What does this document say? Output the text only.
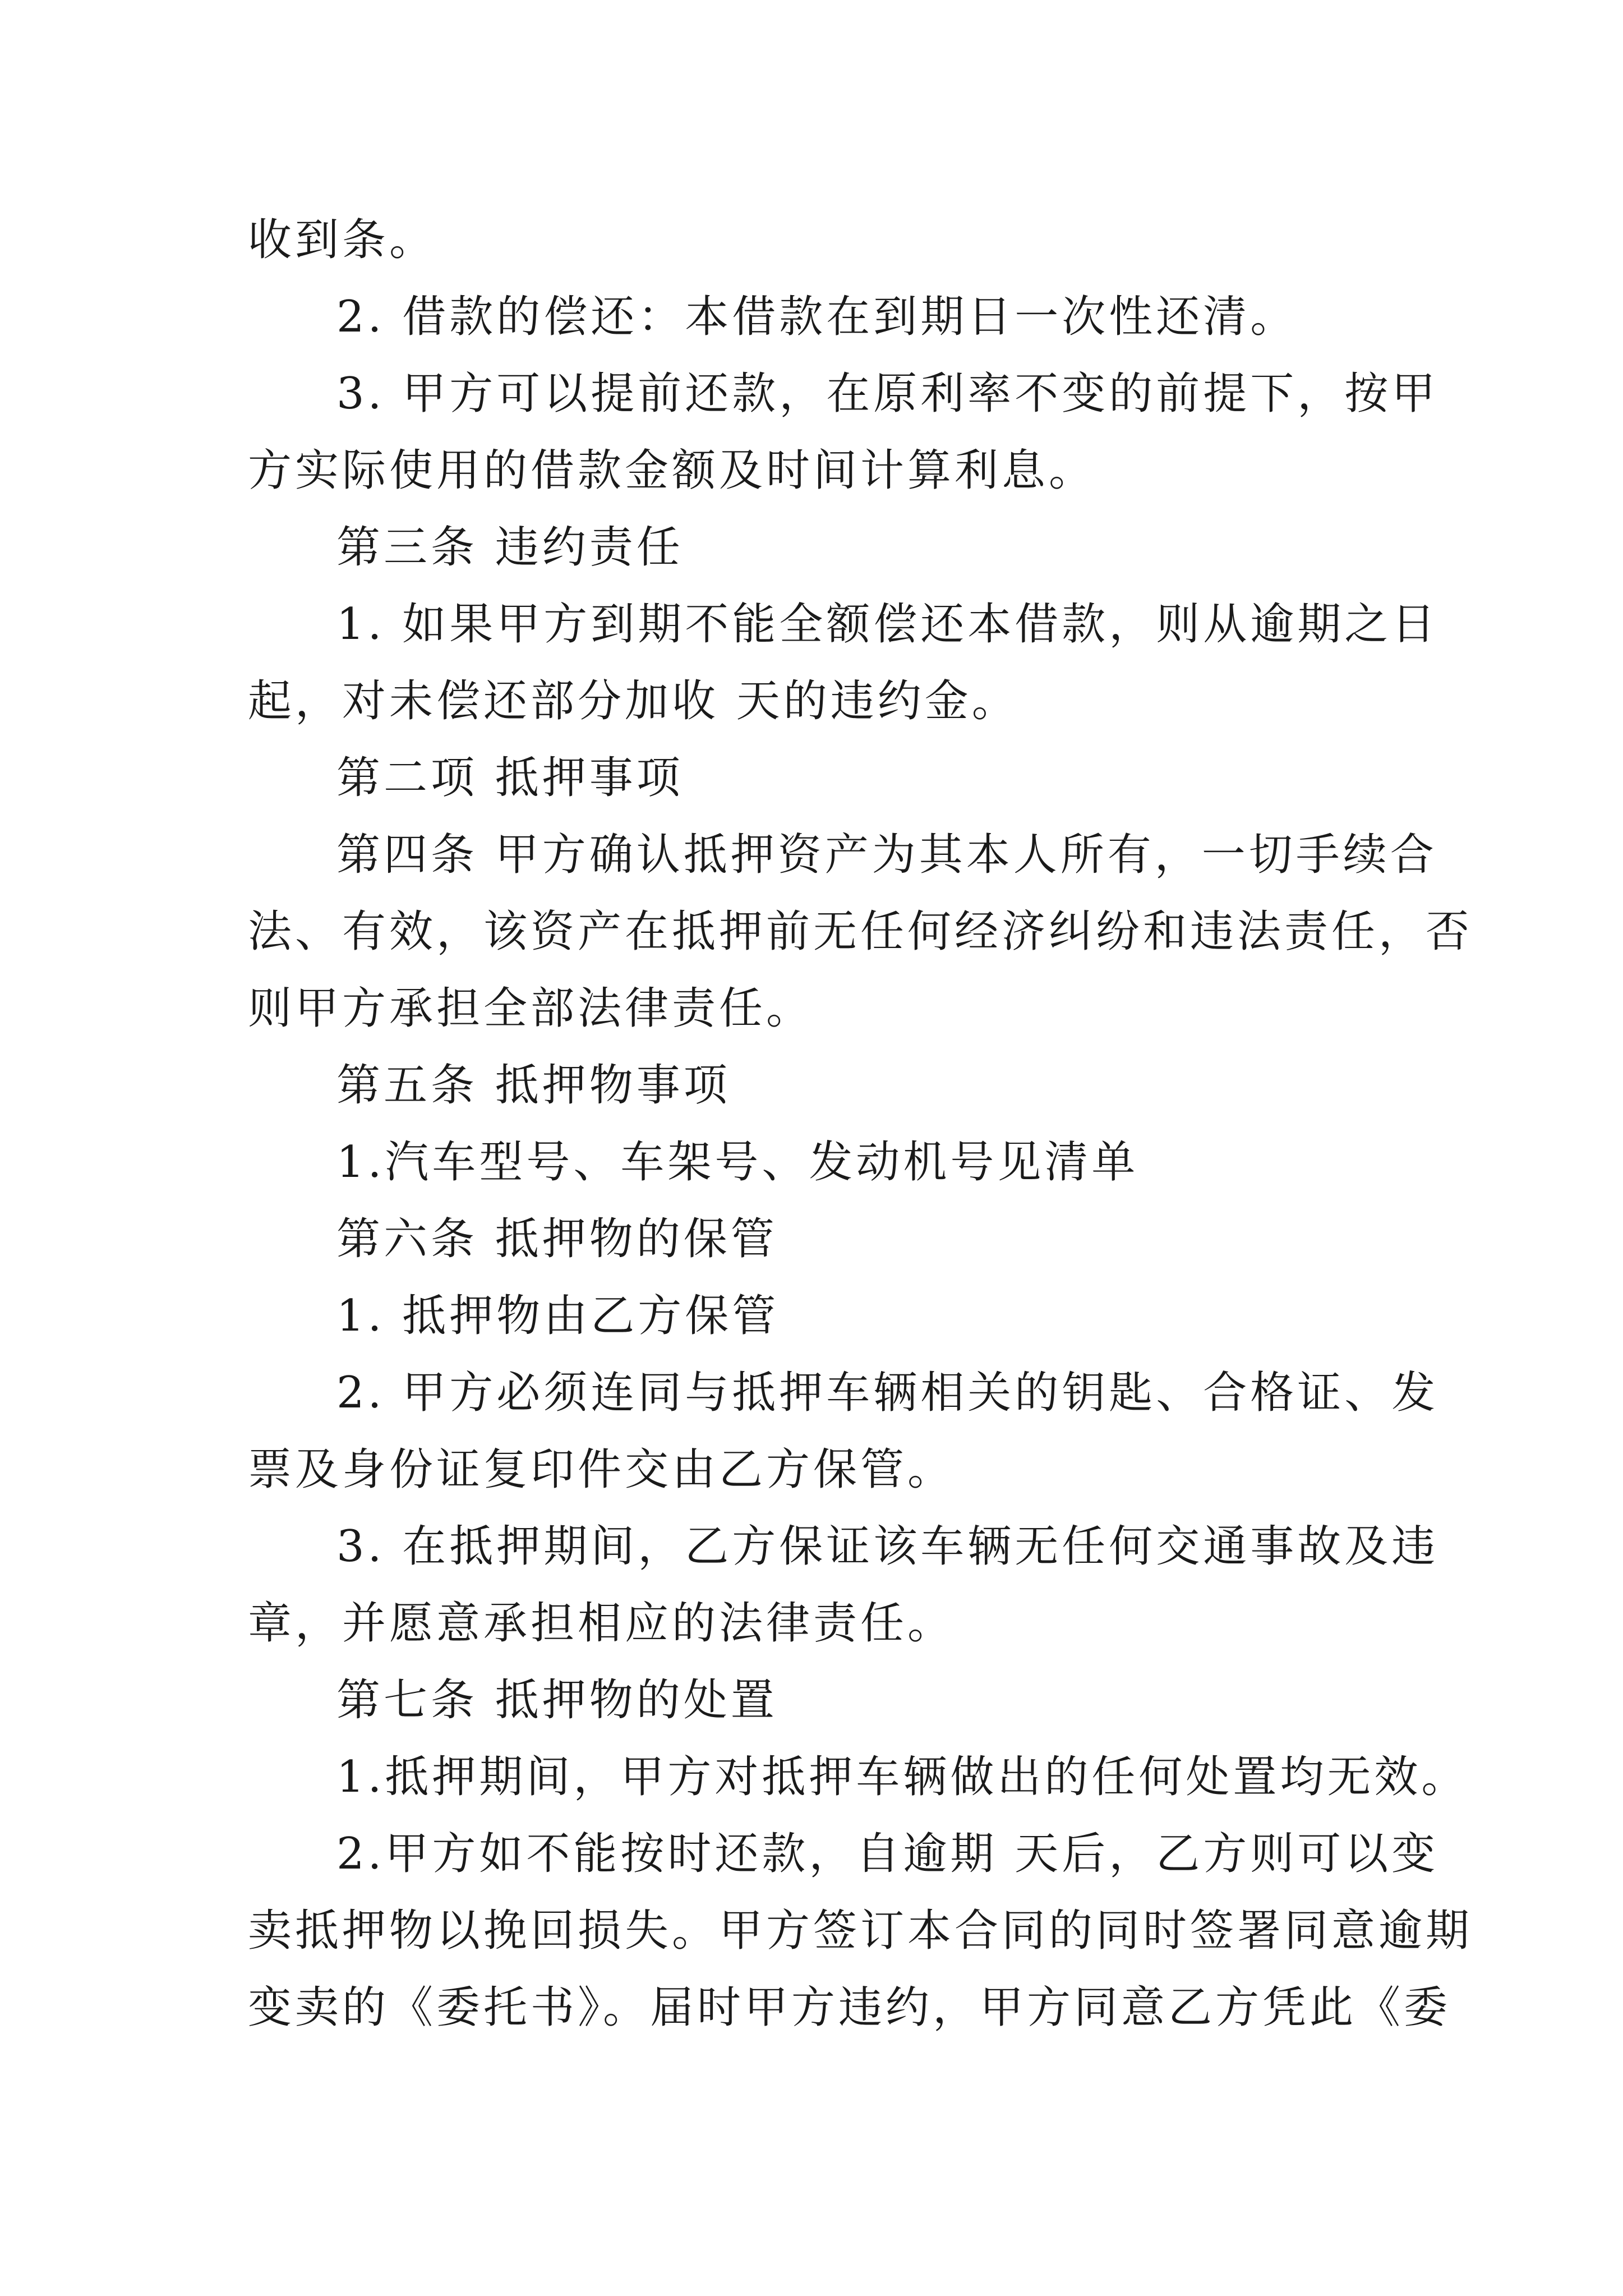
收到条。
2. 借款的偿还：本借款在到期日一次性还清。
3. 甲方可以提前还款，在原利率不变的前提下，按甲
方实际使用的借款金额及时间计算利息。
第三条 违约责任
1. 如果甲方到期不能全额偿还本借款，则从逾期之日
起，对未偿还部分加收 天的违约金。
第二项 抵押事项
第四条 甲方确认抵押资产为其本人所有，一切手续合
法、有效，该资产在抵押前无任何经济纠纷和违法责任，否
则甲方承担全部法律责任。
第五条 抵押物事项
1.汽车型号、车架号、发动机号见清单
第六条 抵押物的保管
1. 抵押物由乙方保管
2. 甲方必须连同与抵押车辆相关的钥匙、合格证、发
票及身份证复印件交由乙方保管。
3. 在抵押期间，乙方保证该车辆无任何交通事故及违
章，并愿意承担相应的法律责任。
第七条 抵押物的处置
1.抵押期间，甲方对抵押车辆做出的任何处置均无效。
2.甲方如不能按时还款，自逾期 天后，乙方则可以变
卖抵押物以挽回损失。甲方签订本合同的同时签署同意逾期
变卖的《委托书》。届时甲方违约，甲方同意乙方凭此《委
